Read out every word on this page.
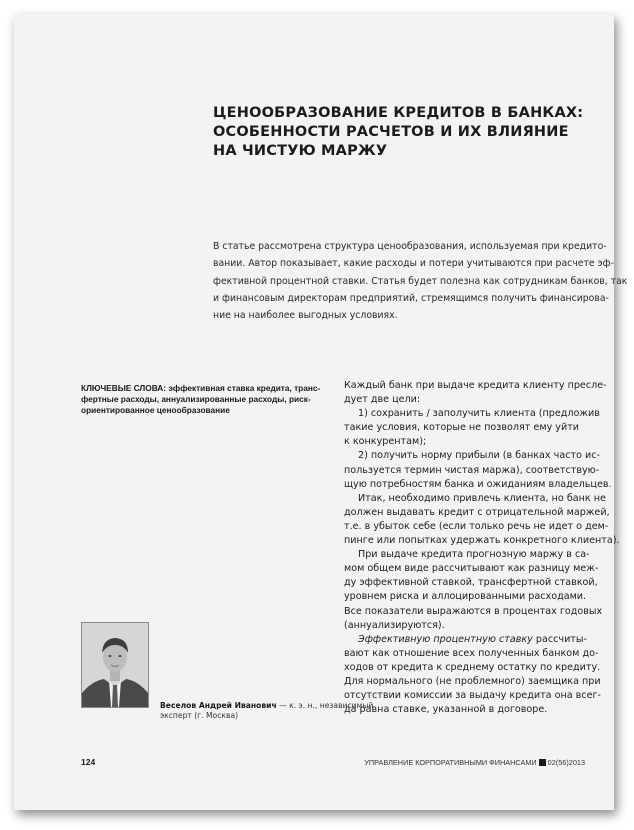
ЦЕНООБРАЗОВАНИЕ КРЕДИТОВ В БАНКАХ:
ОСОБЕННОСТИ РАСЧЕТОВ И ИХ ВЛИЯНИЕ
НА ЧИСТУЮ МАРЖУ
В статье рассмотрена структура ценообразования, используемая при кредито-
вании. Автор показывает, какие расходы и потери учитываются при расчете эф-
фективной процентной ставки. Статья будет полезна как сотрудникам банков, так
и финансовым директорам предприятий, стремящимся получить финансирова-
ние на наиболее выгодных условиях.
КЛЮЧЕВЫЕ СЛОВА: эффективная ставка кредита, транс-
фертные расходы, аннуализированные расходы, риск-
ориентированное ценообразование
Каждый банк при выдаче кредита клиенту пресле-
дует две цели:
1) сохранить / заполучить клиента (предложив
такие условия, которые не позволят ему уйти
к конкурентам);
2) получить норму прибыли (в банках часто ис-
пользуется термин чистая маржа), соответствую-
щую потребностям банка и ожиданиям владельцев.
Итак, необходимо привлечь клиента, но банк не
должен выдавать кредит с отрицательной маржей,
т.е. в убыток себе (если только речь не идет о дем-
пинге или попытках удержать конкретного клиента).
При выдаче кредита прогнозную маржу в са-
мом общем виде рассчитывают как разницу меж-
ду эффективной ставкой, трансфертной ставкой,
уровнем риска и аллоцированными расходами.
Все показатели выражаются в процентах годовых
(аннуализируются).
Эффективную процентную ставку рассчиты-
вают как отношение всех полученных банком до-
ходов от кредита к среднему остатку по кредиту.
Для нормального (не проблемного) заемщика при
отсутствии комиссии за выдачу кредита она всег-
да равна ставке, указанной в договоре.
Веселов Андрей Иванович — к. э. н., независимый
эксперт (г. Москва)
124	УПРАВЛЕНИЕ КОРПОРАТИВНЫМИ ФИНАНСАМИ 02(56)2013
